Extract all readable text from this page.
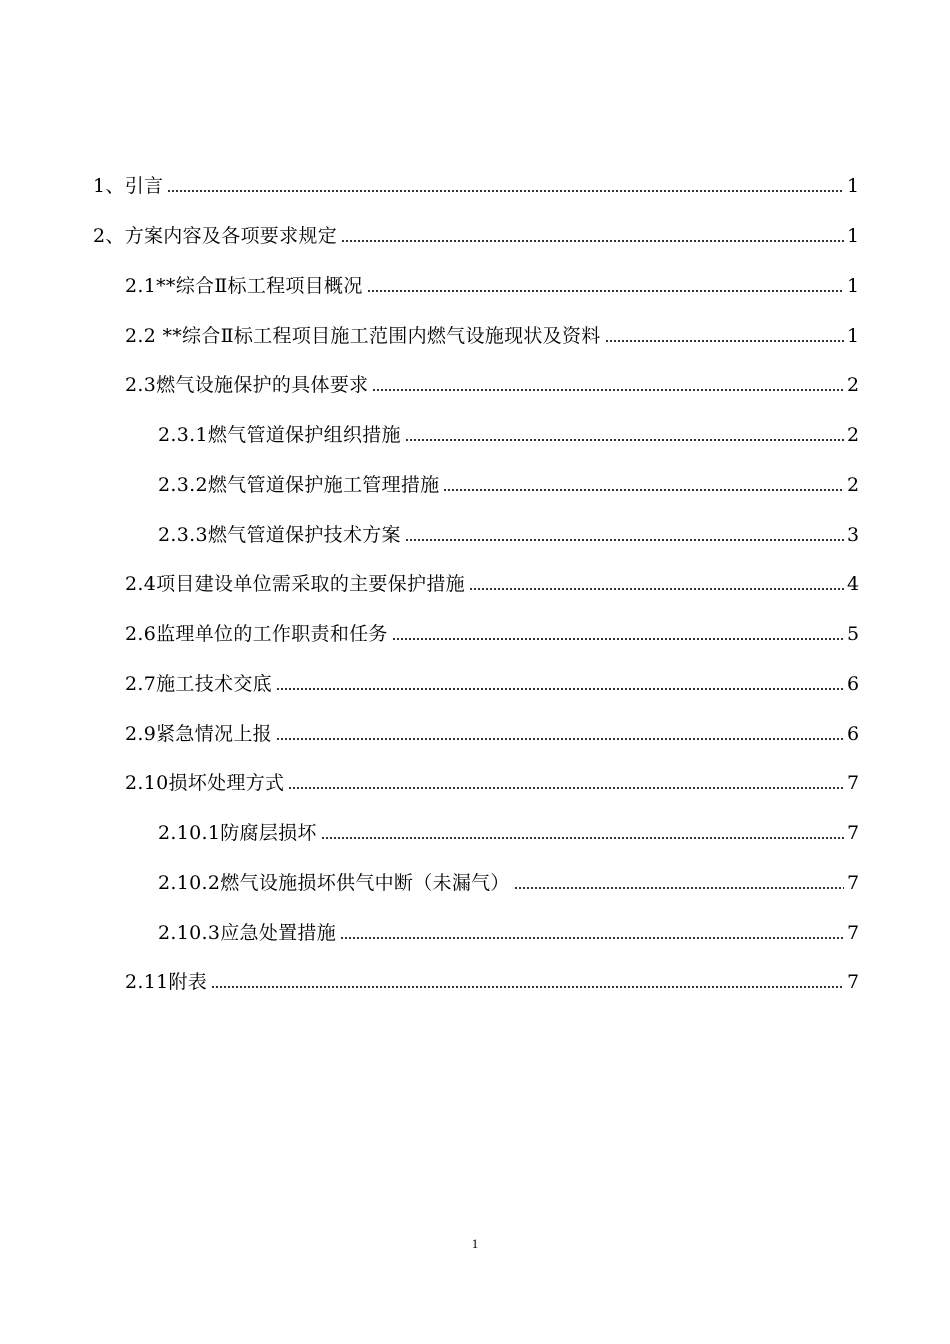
1、引言	1
2、方案内容及各项要求规定	1
2.1**综合Ⅱ标工程项目概况	1
2.2 **综合Ⅱ标工程项目施工范围内燃气设施现状及资料	1
2.3燃气设施保护的具体要求	2
2.3.1燃气管道保护组织措施	2
2.3.2燃气管道保护施工管理措施	2
2.3.3燃气管道保护技术方案	3
2.4项目建设单位需采取的主要保护措施	4
2.6监理单位的工作职责和任务	5
2.7施工技术交底	6
2.9紧急情况上报	6
2.10损坏处理方式	7
2.10.1防腐层损坏	7
2.10.2燃气设施损坏供气中断（未漏气）	7
2.10.3应急处置措施	7
2.11附表	7
1
